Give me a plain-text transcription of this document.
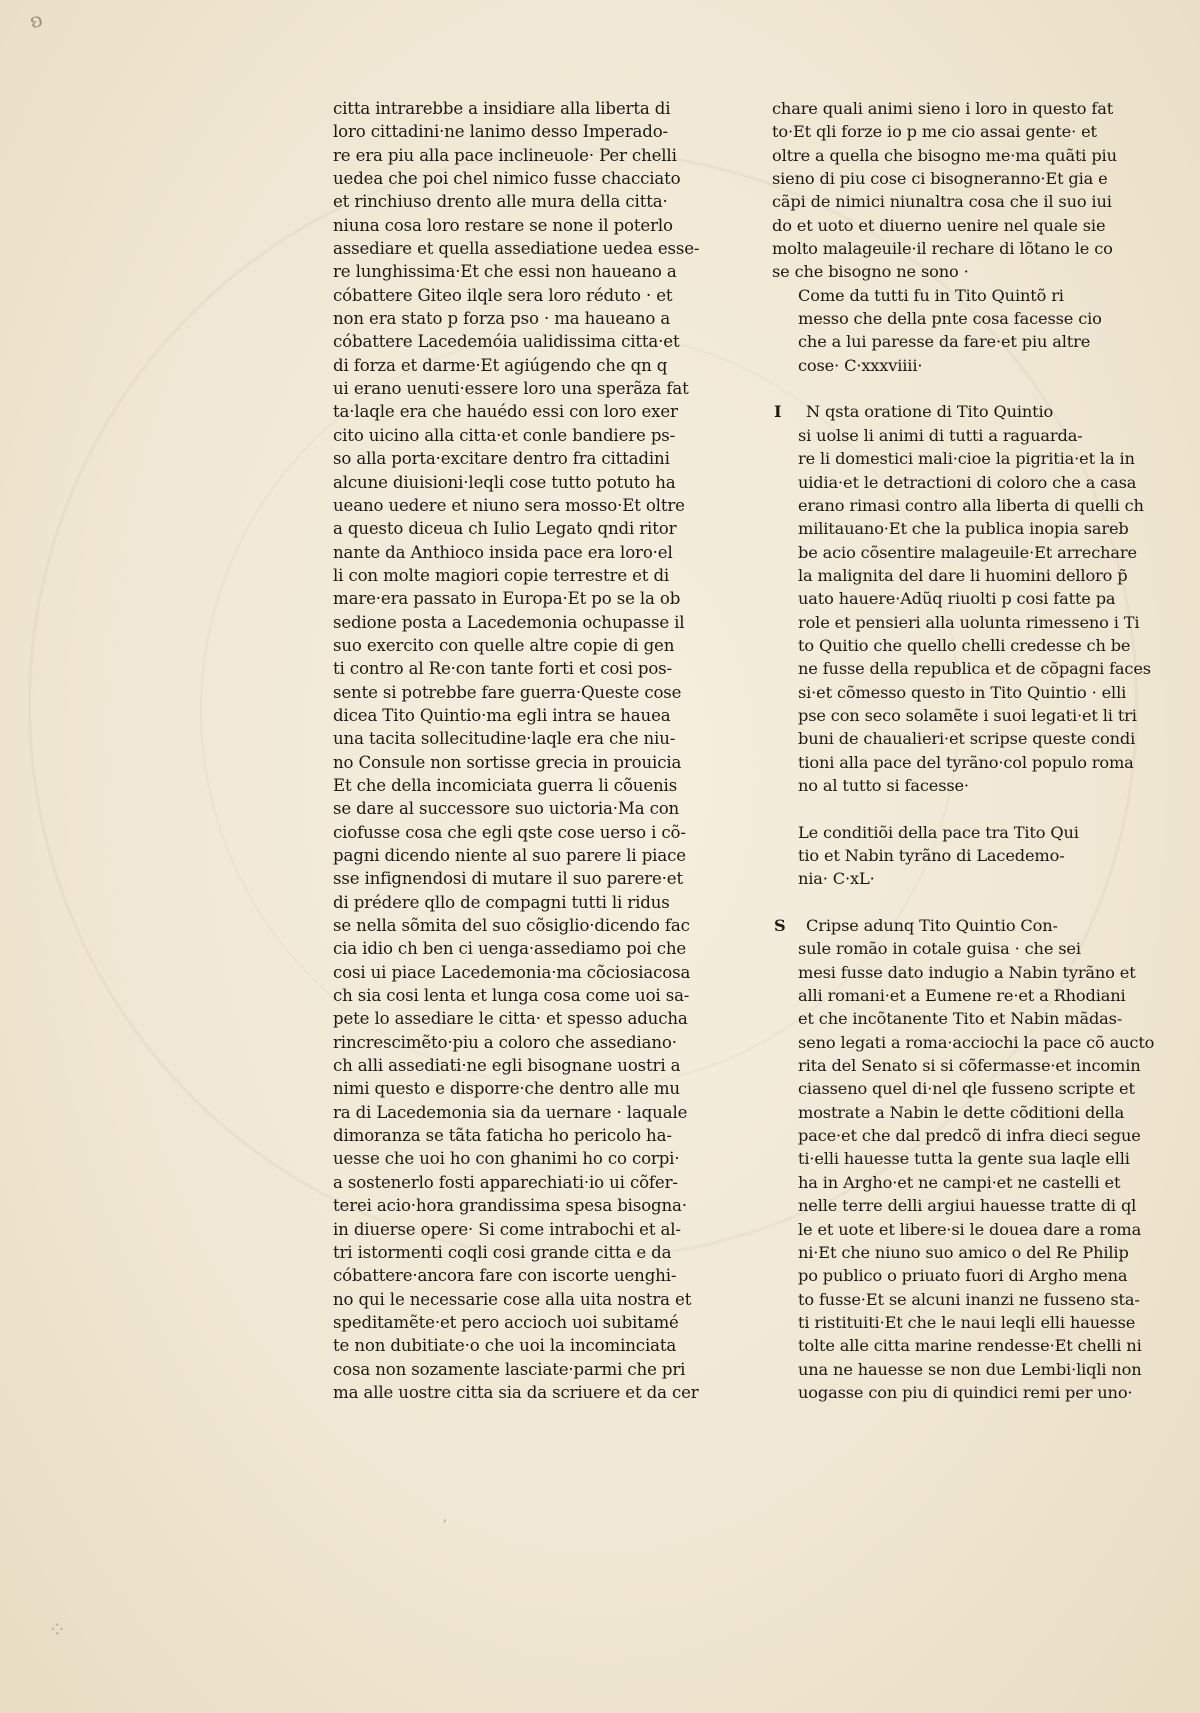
ʚ
⁘
ʼ
citta intrarebbe a insidiare alla liberta di
loro cittadini·ne lanimo desso Imperado-
re era piu alla pace inclineuole· Per chelli
uedea che poi chel nimico fusse chacciato
et rinchiuso drento alle mura della citta·
niuna cosa loro restare se none il poterlo
assediare et quella assediatione uedea esse-
re lunghissima·Et che essi non haueano a
cóbattere Giteo ilqle sera loro réduto · et
non era stato p forza pso · ma haueano a
cóbattere Lacedemóia ualidissima citta·et
di forza et darme·Et agiúgendo che qn q
ui erano uenuti·essere loro una sperãza fat
ta·laqle era che hauédo essi con loro exer
cito uicino alla citta·et conle bandiere ps-
so alla porta·excitare dentro fra cittadini
alcune diuisioni·leqli cose tutto potuto ha
ueano uedere et niuno sera mosso·Et oltre
a questo diceua ch Iulio Legato qndi ritor
nante da Anthioco insida pace era loro·el
li con molte magiori copie terrestre et di
mare·era passato in Europa·Et po se la ob
sedione posta a Lacedemonia ochupasse il
suo exercito con quelle altre copie di gen
ti contro al Re·con tante forti et cosi pos-
sente si potrebbe fare guerra·Queste cose
dicea Tito Quintio·ma egli intra se hauea
una tacita sollecitudine·laqle era che niu-
no Consule non sortisse grecia in prouicia
Et che della incomiciata guerra li cõuenis
se dare al successore suo uictoria·Ma con
ciofusse cosa che egli qste cose uerso i cõ-
pagni dicendo niente al suo parere li piace
sse infignendosi di mutare il suo parere·et
di prédere qllo de compagni tutti li ridus
se nella sõmita del suo cõsiglio·dicendo fac
cia idio ch ben ci uenga·assediamo poi che
cosi ui piace Lacedemonia·ma cõciosiacosa
ch sia cosi lenta et lunga cosa come uoi sa-
pete lo assediare le citta· et spesso aducha
rincrescimẽto·piu a coloro che assediano·
ch alli assediati·ne egli bisognane uostri a
nimi questo e disporre·che dentro alle mu
ra di Lacedemonia sia da uernare · laquale
dimoranza se tãta faticha ho pericolo ha-
uesse che uoi ho con ghanimi ho co corpi·
a sostenerlo fosti apparechiati·io ui cõfer-
terei acio·hora grandissima spesa bisogna·
in diuerse opere· Si come intrabochi et al-
tri istormenti coqli cosi grande citta e da
cóbattere·ancora fare con iscorte uenghi-
no qui le necessarie cose alla uita nostra et
speditamẽte·et pero accioch uoi subitamé
te non dubitiate·o che uoi la incominciata
cosa non sozamente lasciate·parmi che pri
ma alle uostre citta sia da scriuere et da cer
chare quali animi sieno i loro in questo fat
to·Et qli forze io p me cio assai gente· et
oltre a quella che bisogno me·ma quãti piu
sieno di piu cose ci bisogneranno·Et gia e
cãpi de nimici niunaltra cosa che il suo iui
do et uoto et diuerno uenire nel quale sie
molto malageuile·il rechare di lõtano le co
se che bisogno ne sono ·
Come da tutti fu in Tito Quintõ ri
messo che della pnte cosa facesse cio
che a lui paresse da fare·et piu altre
cose· C·xxxviiii·
I N qsta oratione di Tito Quintio
si uolse li animi di tutti a raguarda-
re li domestici mali·cioe la pigritia·et la in
uidia·et le detractioni di coloro che a casa
erano rimasi contro alla liberta di quelli ch
militauano·Et che la publica inopia sareb
be acio cõsentire malageuile·Et arrechare
la malignita del dare li huomini delloro p̃
uato hauere·Adũq riuolti p cosi fatte pa
role et pensieri alla uolunta rimesseno i Ti
to Quitio che quello chelli credesse ch be
ne fusse della republica et de cõpagni faces
si·et cõmesso questo in Tito Quintio · elli
pse con seco solamẽte i suoi legati·et li tri
buni de chaualieri·et scripse queste condi
tioni alla pace del tyrãno·col populo roma
no al tutto si facesse·
Le conditiõi della pace tra Tito Qui
tio et Nabin tyrãno di Lacedemo-
nia· C·xL·
S Cripse adunq Tito Quintio Con-
sule romão in cotale guisa · che sei
mesi fusse dato indugio a Nabin tyrãno et
alli romani·et a Eumene re·et a Rhodiani
et che incõtanente Tito et Nabin mãdas-
seno legati a roma·acciochi la pace cõ aucto
rita del Senato si si cõfermasse·et incomin
ciasseno quel di·nel qle fusseno scripte et
mostrate a Nabin le dette cõditioni della
pace·et che dal predcõ di infra dieci segue
ti·elli hauesse tutta la gente sua laqle elli
ha in Argho·et ne campi·et ne castelli et
nelle terre delli argiui hauesse tratte di ql
le et uote et libere·si le douea dare a roma
ni·Et che niuno suo amico o del Re Philip
po publico o priuato fuori di Argho mena
to fusse·Et se alcuni inanzi ne fusseno sta-
ti ristituiti·Et che le naui leqli elli hauesse
tolte alle citta marine rendesse·Et chelli ni
una ne hauesse se non due Lembi·liqli non
uogasse con piu di quindici remi per uno·
